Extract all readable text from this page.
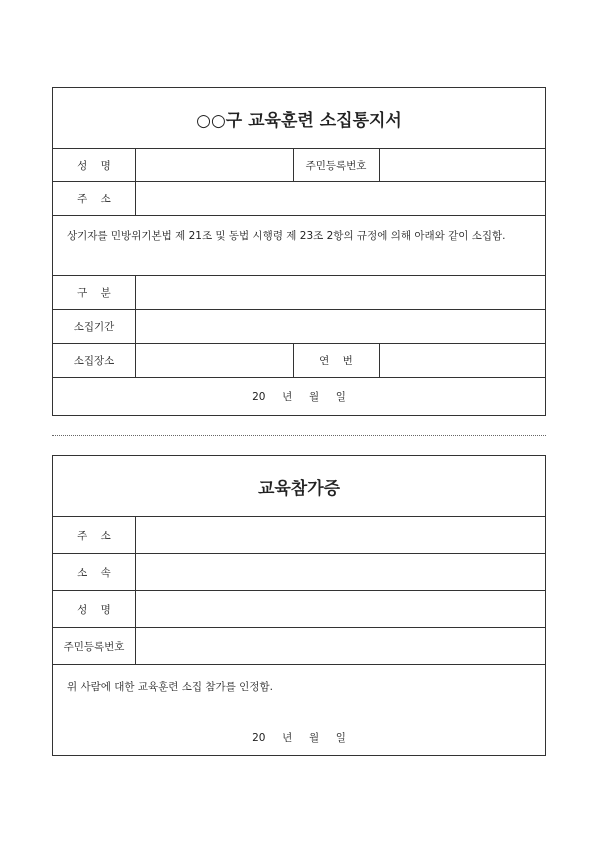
○○구 교육훈련 소집통지서
성    명	주민등록번호
주    소
상기자를 민방위기본법 제 21조 및 동법 시행령 제 23조 2항의 규정에 의해 아래와 같이 소집함.
구    분
소집기간
소집장소	연    번
20     년     월     일
교육참가증
주    소
소    속
성    명
주민등록번호
위 사람에 대한 교육훈련 소집 참가를 인정함.
20     년     월     일
